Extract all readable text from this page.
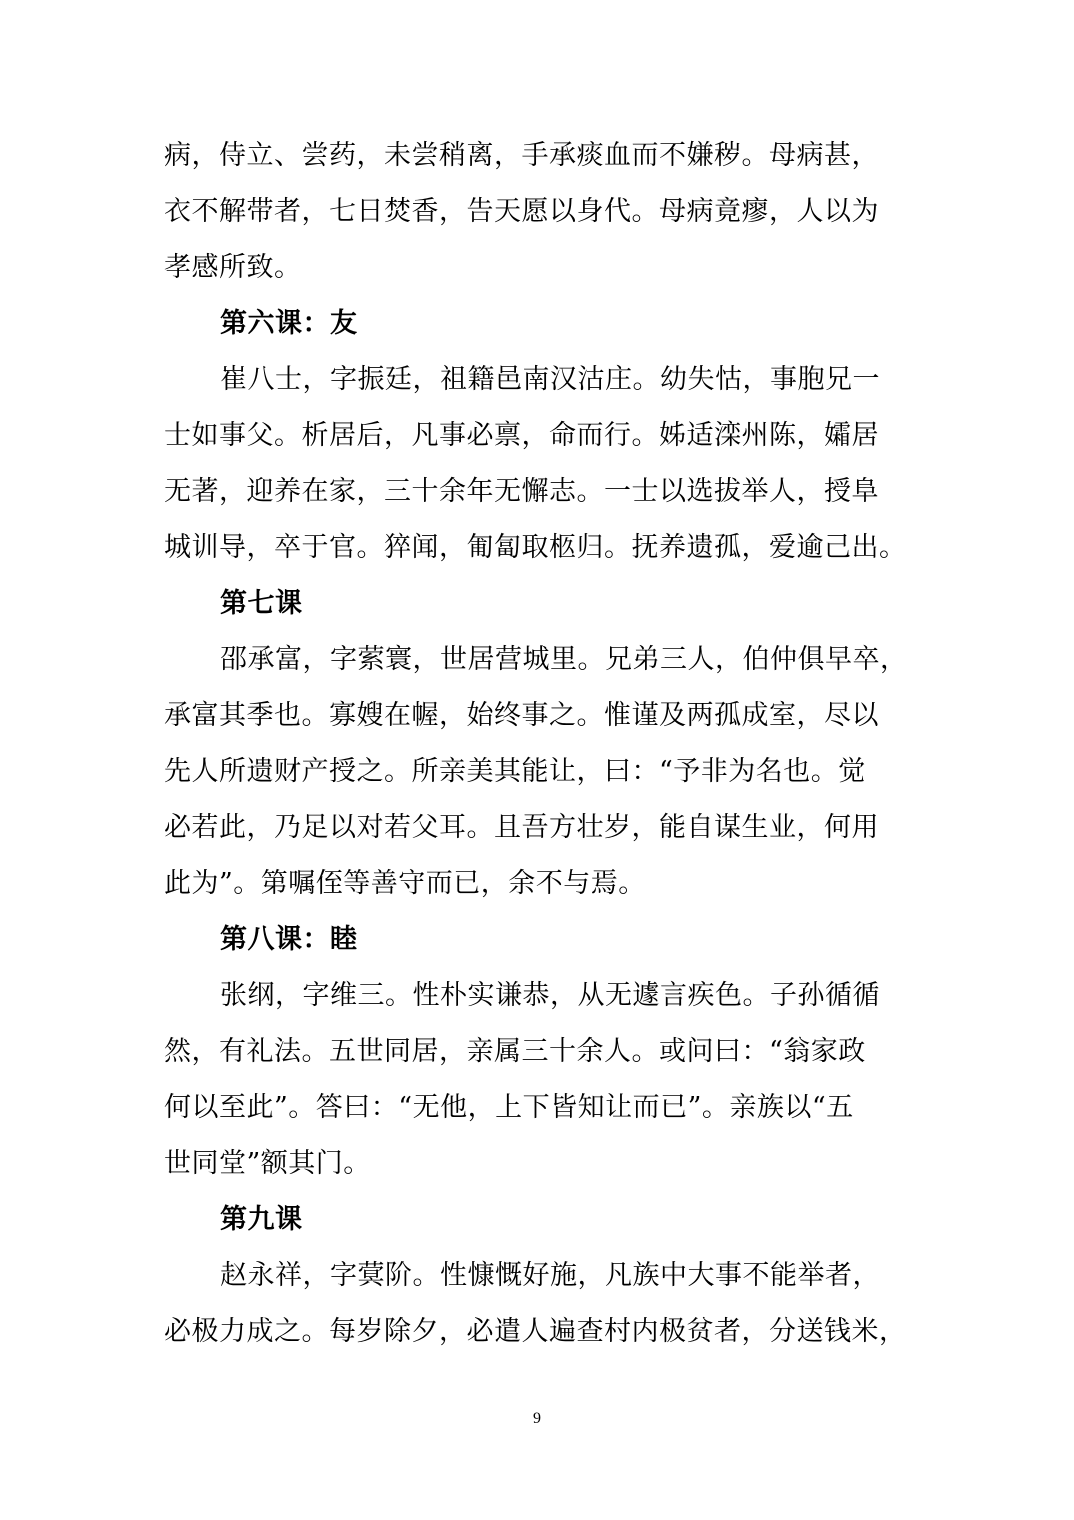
病，侍立、尝药，未尝稍离，手承痰血而不嫌秽。母病甚，
衣不解带者，七日焚香，告天愿以身代。母病竟瘳，人以为
孝感所致。
第六课：友
崔八士，字振廷，祖籍邑南汉沽庄。幼失怙，事胞兄一
士如事父。析居后，凡事必禀，命而行。姊适滦州陈，孀居
无著，迎养在家，三十余年无懈志。一士以选拔举人，授阜
城训导，卒于官。猝闻，匍匐取柩归。抚养遗孤，爱逾己出。
第七课
邵承富，字萦寰，世居营城里。兄弟三人，伯仲俱早卒，
承富其季也。寡嫂在幄，始终事之。惟谨及两孤成室，尽以
先人所遗财产授之。所亲美其能让，曰：“予非为名也。觉
必若此，乃足以对若父耳。且吾方壮岁，能自谋生业，何用
此为”。第嘱侄等善守而已，余不与焉。
第八课：睦
张纲，字维三。性朴实谦恭，从无遽言疾色。子孙循循
然，有礼法。五世同居，亲属三十余人。或问曰：“翁家政
何以至此”。答曰：“无他，上下皆知让而已”。亲族以“五
世同堂”额其门。
第九课
赵永祥，字蓂阶。性慷慨好施，凡族中大事不能举者，
必极力成之。每岁除夕，必遣人遍查村内极贫者，分送钱米，
9
